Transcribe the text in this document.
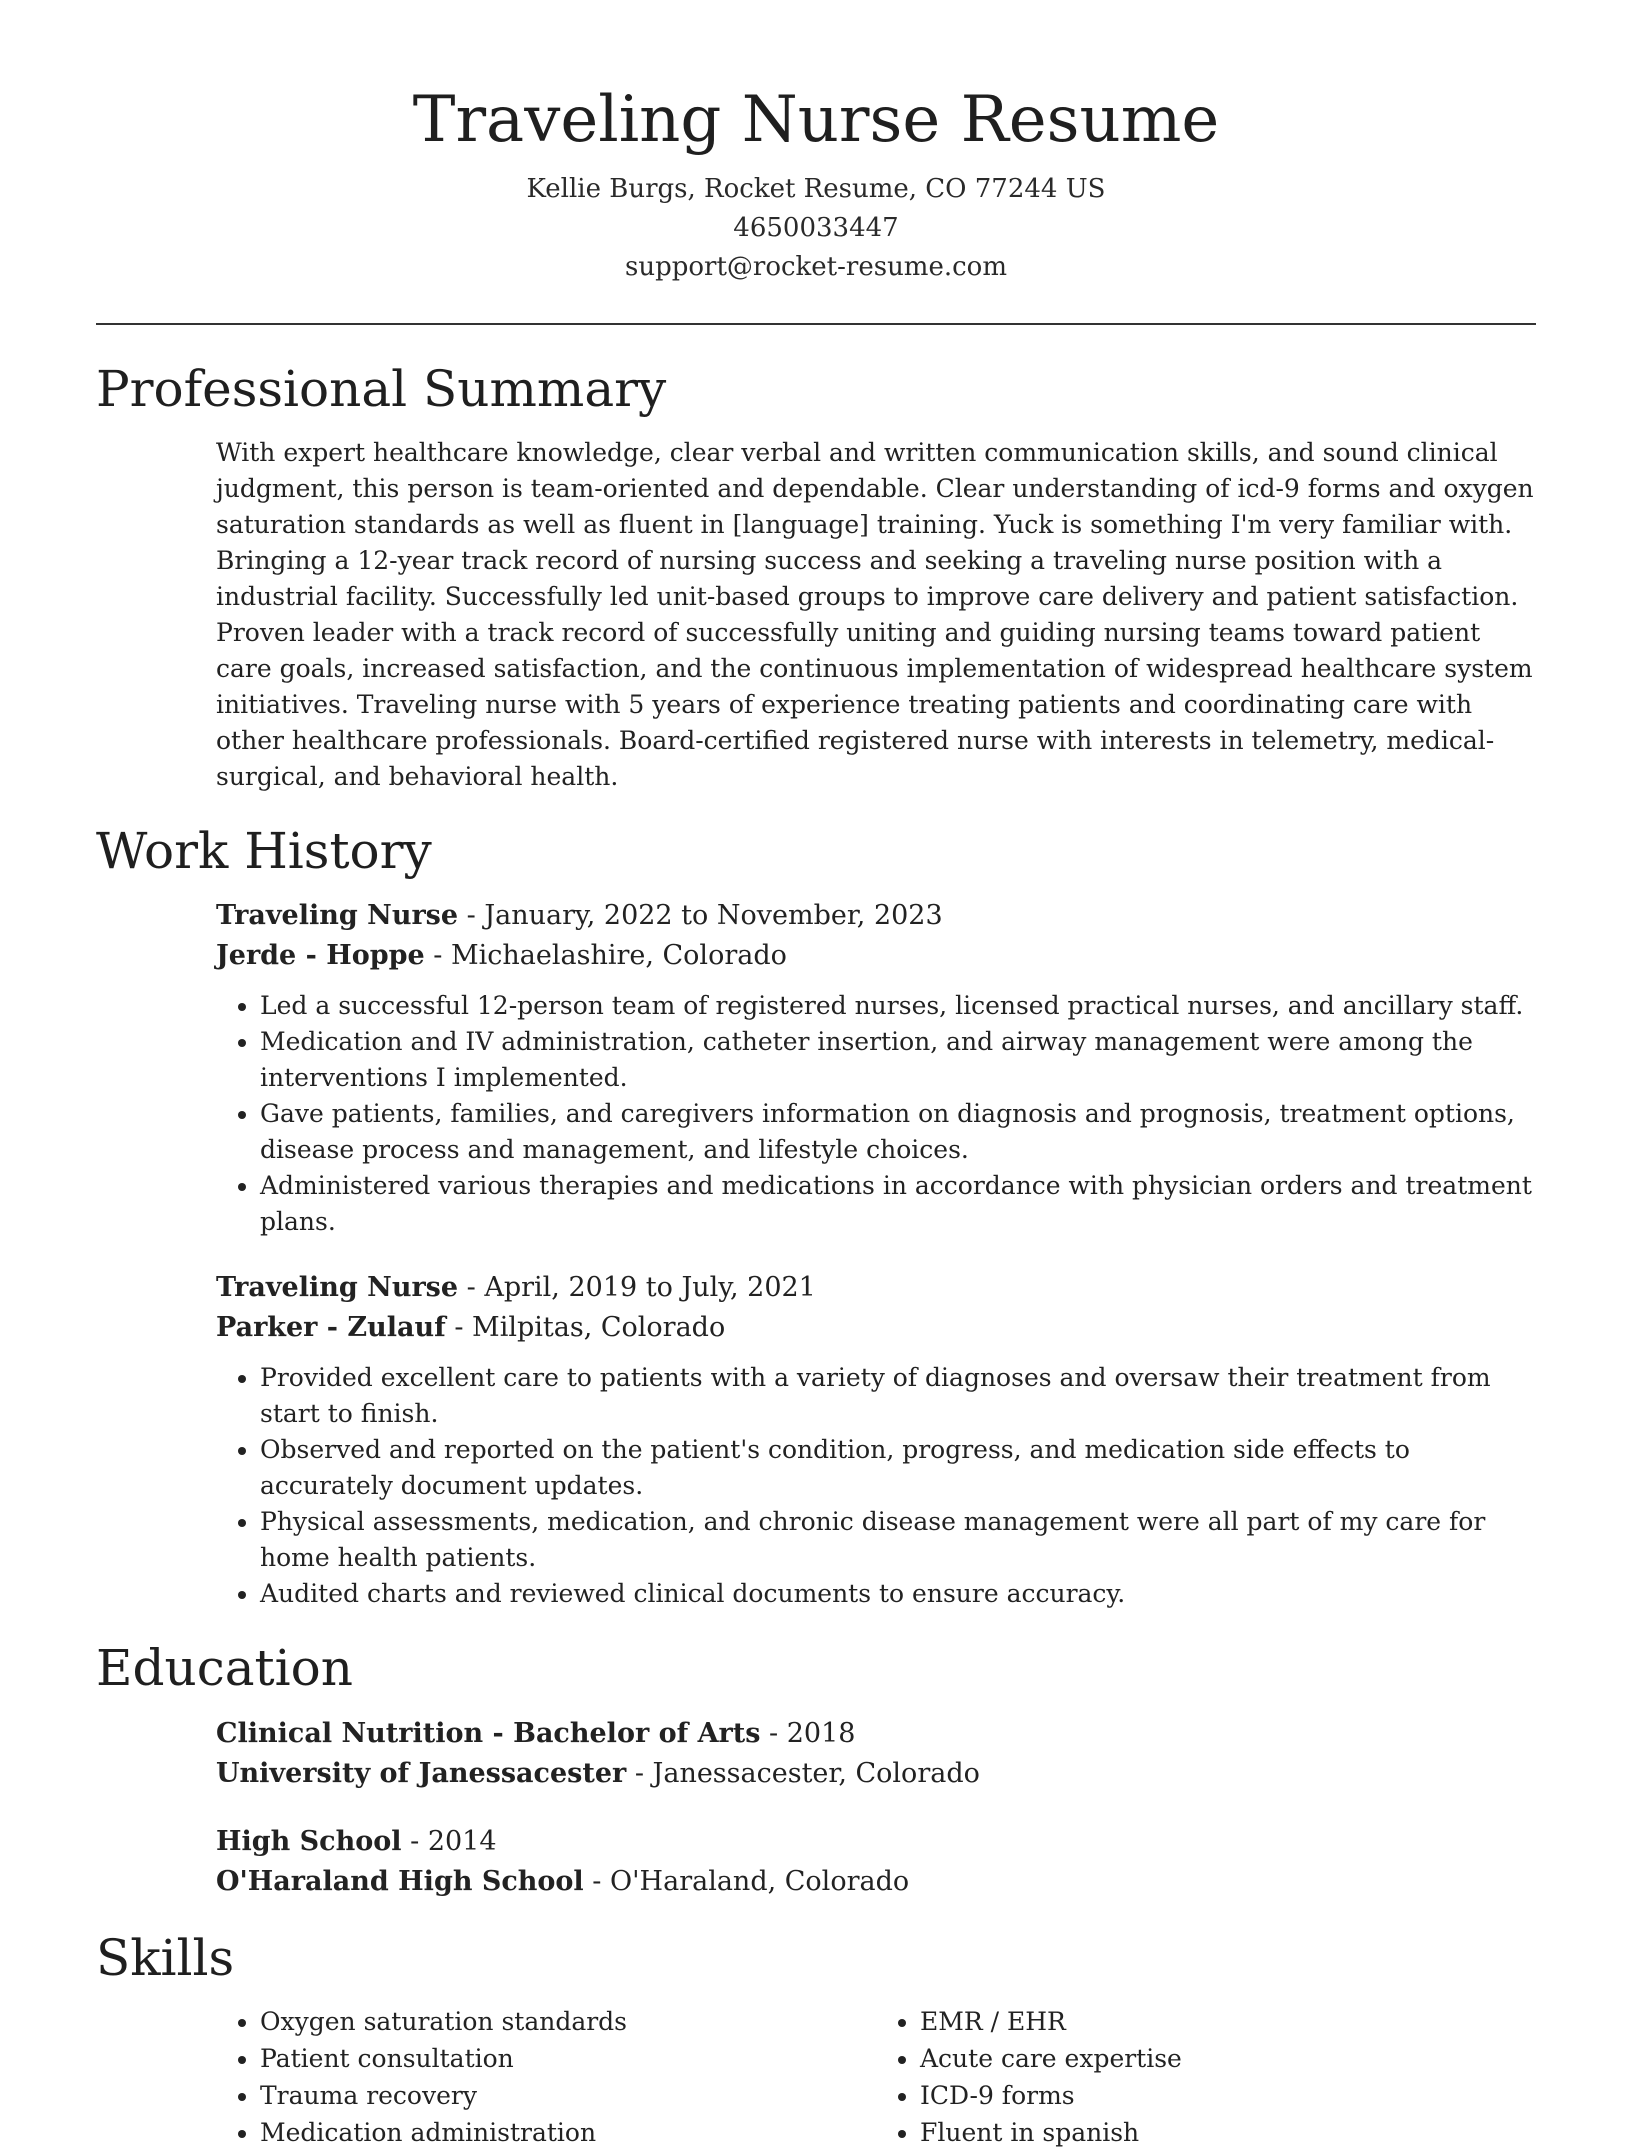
Traveling Nurse Resume
Kellie Burgs, Rocket Resume, CO 77244 US
4650033447
support@rocket-resume.com
Professional Summary

With expert healthcare knowledge, clear verbal and written communication skills, and sound clinical judgment, this person is team-oriented and dependable. Clear understanding of icd-9 forms and oxygen saturation standards as well as fluent in [language] training. Yuck is something I'm very familiar with. Bringing a 12-year track record of nursing success and seeking a traveling nurse position with a industrial facility. Successfully led unit-based groups to improve care delivery and patient satisfaction. Proven leader with a track record of successfully uniting and guiding nursing teams toward patient care goals, increased satisfaction, and the continuous implementation of widespread healthcare system initiatives. Traveling nurse with 5 years of experience treating patients and coordinating care with other healthcare professionals. Board-certified registered nurse with interests in telemetry, medical-surgical, and behavioral health.

Work History
Traveling Nurse - January, 2022 to November, 2023
Jerde - Hoppe - Michaelashire, Colorado
• Led a successful 12-person team of registered nurses, licensed practical nurses, and ancillary staff.
• Medication and IV administration, catheter insertion, and airway management were among the interventions I implemented.
• Gave patients, families, and caregivers information on diagnosis and prognosis, treatment options, disease process and management, and lifestyle choices.
• Administered various therapies and medications in accordance with physician orders and treatment plans.
Traveling Nurse - April, 2019 to July, 2021
Parker - Zulauf - Milpitas, Colorado
• Provided excellent care to patients with a variety of diagnoses and oversaw their treatment from start to finish.
• Observed and reported on the patient's condition, progress, and medication side effects to accurately document updates.
• Physical assessments, medication, and chronic disease management were all part of my care for home health patients.
• Audited charts and reviewed clinical documents to ensure accuracy.
Education
Clinical Nutrition - Bachelor of Arts - 2018
University of Janessacester - Janessacester, Colorado
High School - 2014
O'Haraland High School - O'Haraland, Colorado
Skills
• Oxygen saturation standards
• Patient consultation
• Trauma recovery
• Medication administration
• EMR / EHR
• Acute care expertise
• ICD-9 forms
• Fluent in spanish
